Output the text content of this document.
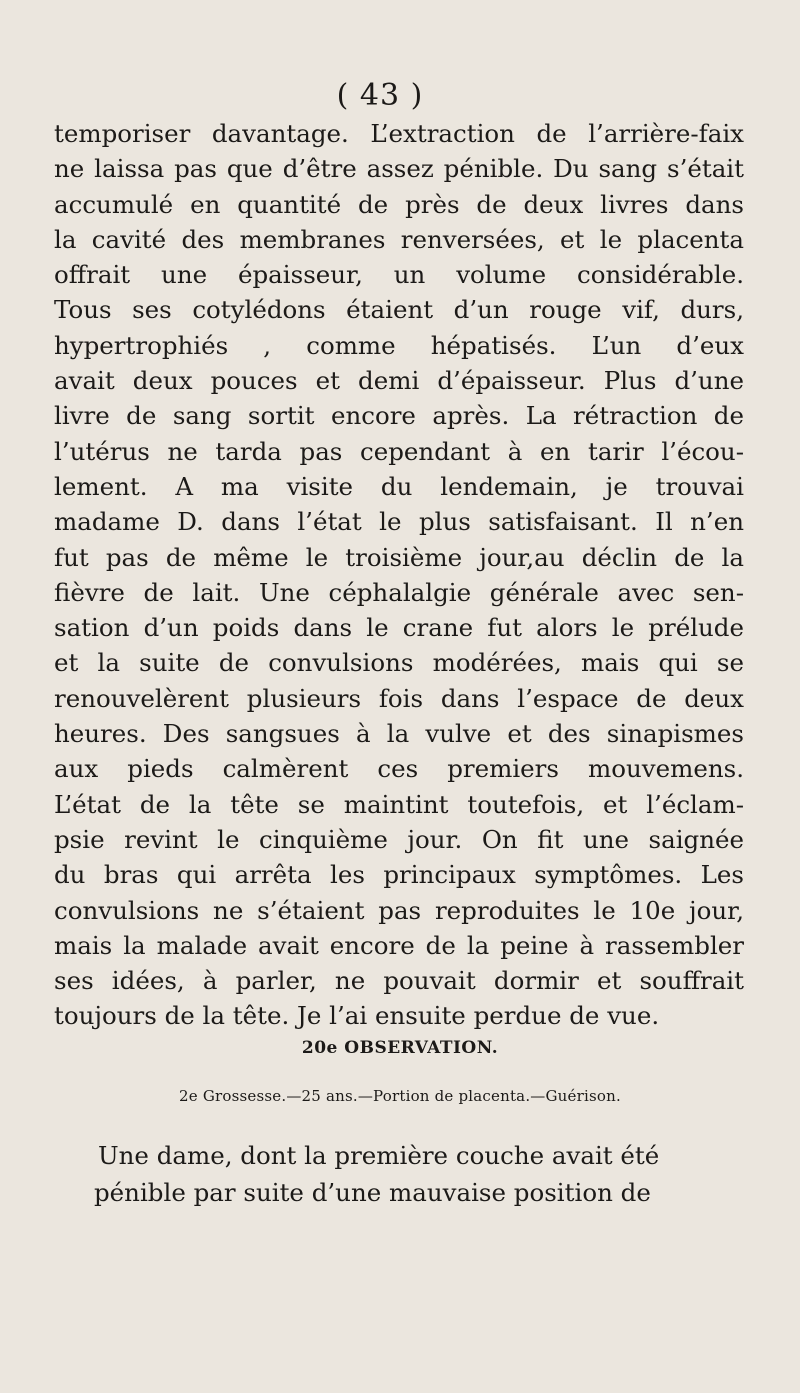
( 43 )
temporiser davantage. L’extraction de l’arrière-faix
ne laissa pas que d’être assez pénible. Du sang s’était
accumulé en quantité de près de deux livres dans
la cavité des membranes renversées, et le placenta
offrait une épaisseur, un volume considérable.
Tous ses cotylédons étaient d’un rouge vif, durs,
hypertrophiés , comme hépatisés. L’un d’eux
avait deux pouces et demi d’épaisseur. Plus d’une
livre de sang sortit encore après. La rétraction de
l’utérus ne tarda pas cependant à en tarir l’écou-
lement. A ma visite du lendemain, je trouvai
madame D. dans l’état le plus satisfaisant. Il n’en
fut pas de même le troisième jour,au déclin de la
fièvre de lait. Une céphalalgie générale avec sen-
sation d’un poids dans le crane fut alors le prélude
et la suite de convulsions modérées, mais qui se
renouvelèrent plusieurs fois dans l’espace de deux
heures. Des sangsues à la vulve et des sinapismes
aux pieds calmèrent ces premiers mouvemens.
L’état de la tête se maintint toutefois, et l’éclam-
psie revint le cinquième jour. On fit une saignée
du bras qui arrêta les principaux symptômes. Les
convulsions ne s’étaient pas reproduites le 10e jour,
mais la malade avait encore de la peine à rassembler
ses idées, à parler, ne pouvait dormir et souffrait
toujours de la tête. Je l’ai ensuite perdue de vue.
20e OBSERVATION.
2e Grossesse.—25 ans.—Portion de placenta.—Guérison.
Une dame, dont la première couche avait été
pénible par suite d’une mauvaise position de
